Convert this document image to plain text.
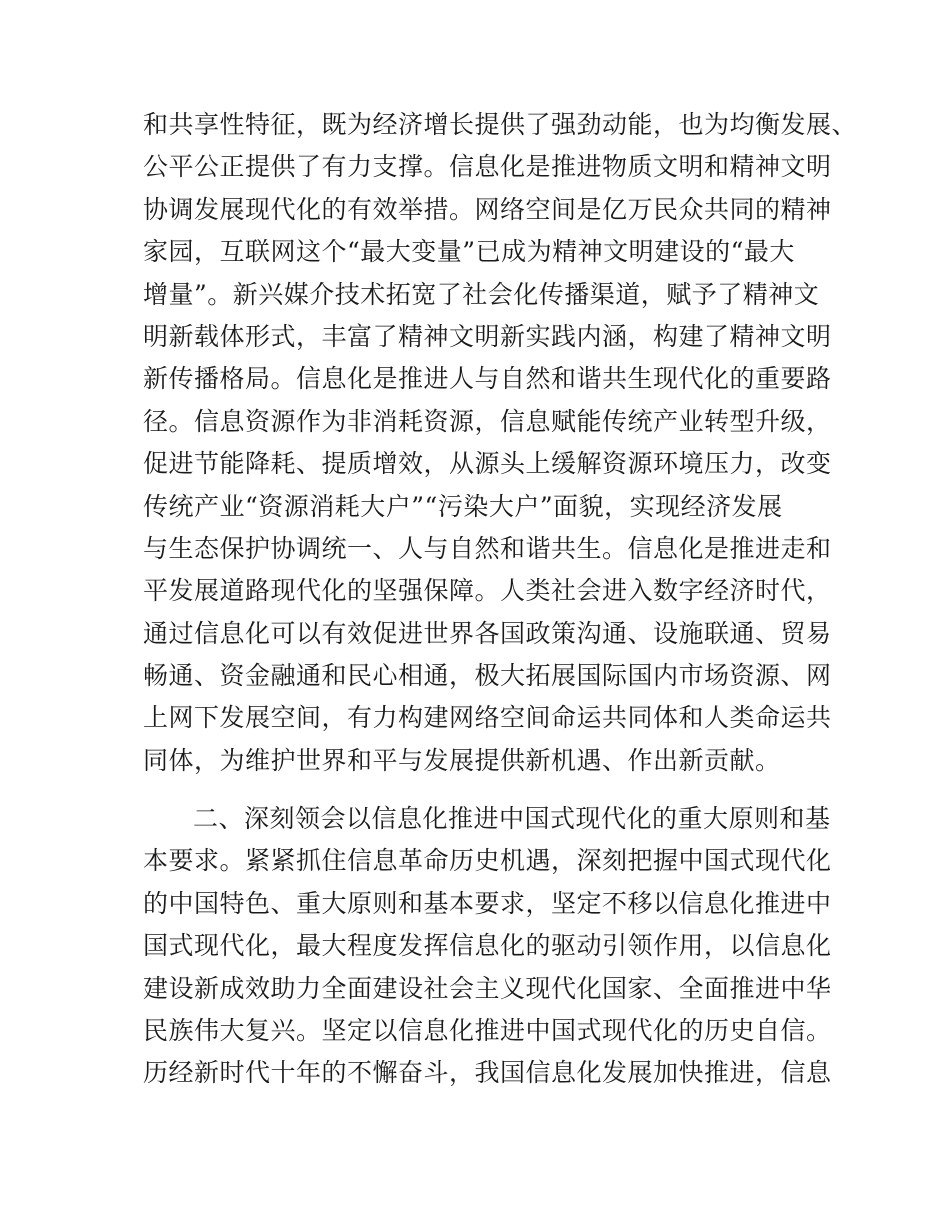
和共享性特征，既为经济增长提供了强劲动能，也为均衡发展、
公平公正提供了有力支撑。信息化是推进物质文明和精神文明
协调发展现代化的有效举措。网络空间是亿万民众共同的精神
家园，互联网这个“最大变量”已成为精神文明建设的“最大
增量”。新兴媒介技术拓宽了社会化传播渠道，赋予了精神文
明新载体形式，丰富了精神文明新实践内涵，构建了精神文明
新传播格局。信息化是推进人与自然和谐共生现代化的重要路
径。信息资源作为非消耗资源，信息赋能传统产业转型升级，
促进节能降耗、提质增效，从源头上缓解资源环境压力，改变
传统产业“资源消耗大户”“污染大户”面貌，实现经济发展
与生态保护协调统一、人与自然和谐共生。信息化是推进走和
平发展道路现代化的坚强保障。人类社会进入数字经济时代，
通过信息化可以有效促进世界各国政策沟通、设施联通、贸易
畅通、资金融通和民心相通，极大拓展国际国内市场资源、网
上网下发展空间，有力构建网络空间命运共同体和人类命运共
同体，为维护世界和平与发展提供新机遇、作出新贡献。
二、深刻领会以信息化推进中国式现代化的重大原则和基
本要求。紧紧抓住信息革命历史机遇，深刻把握中国式现代化
的中国特色、重大原则和基本要求，坚定不移以信息化推进中
国式现代化，最大程度发挥信息化的驱动引领作用，以信息化
建设新成效助力全面建设社会主义现代化国家、全面推进中华
民族伟大复兴。坚定以信息化推进中国式现代化的历史自信。
历经新时代十年的不懈奋斗，我国信息化发展加快推进，信息
